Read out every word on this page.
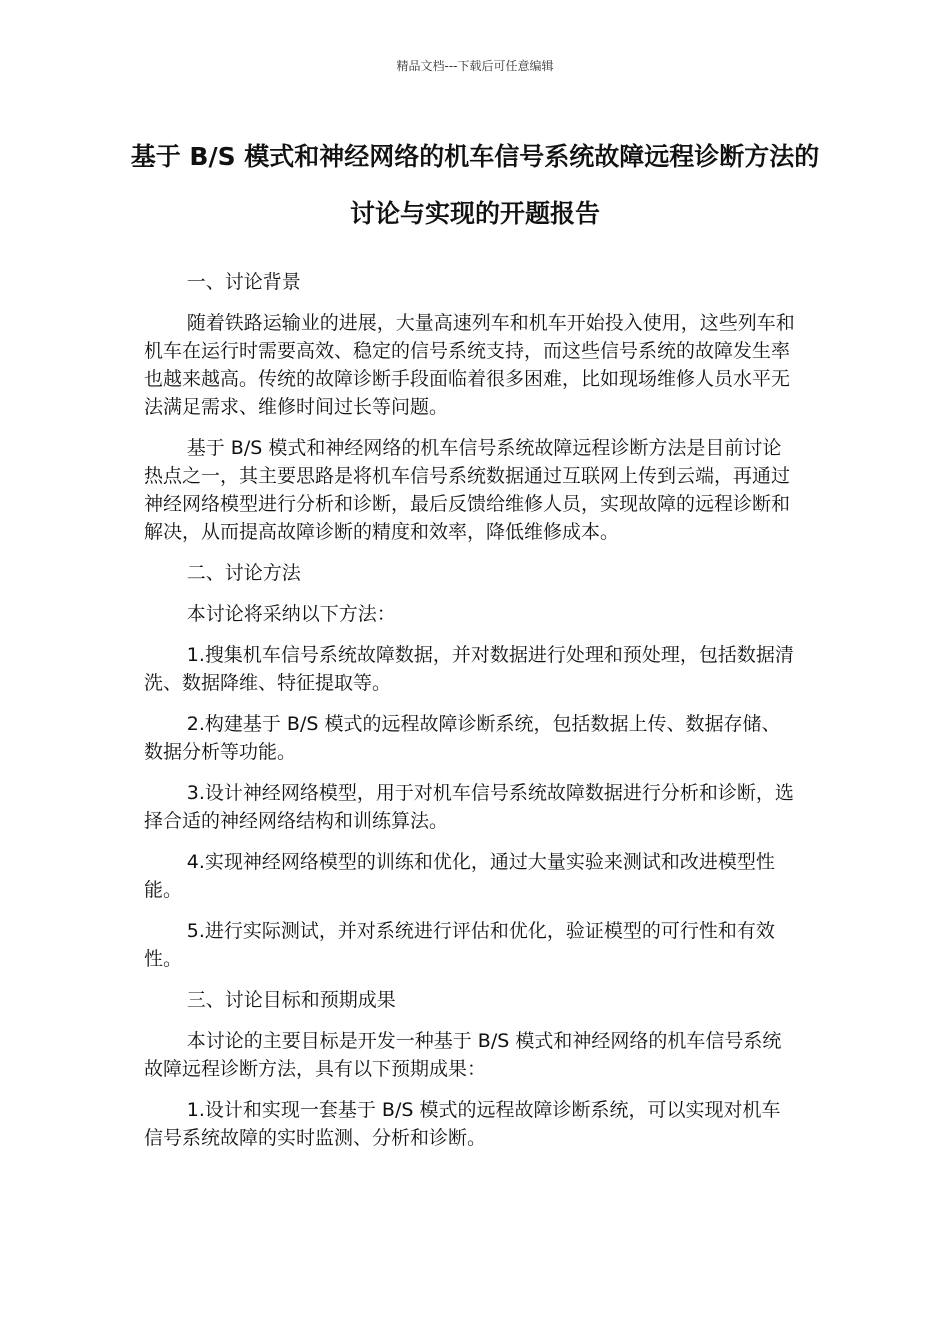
精品文档---下载后可任意编辑
基于 B/S 模式和神经网络的机车信号系统故障远程诊断方法的讨论与实现的开题报告

一、讨论背景

随着铁路运输业的进展，大量高速列车和机车开始投入使用，这些列车和机车在运行时需要高效、稳定的信号系统支持，而这些信号系统的故障发生率也越来越高。传统的故障诊断手段面临着很多困难，比如现场维修人员水平无法满足需求、维修时间过长等问题。

基于 B/S 模式和神经网络的机车信号系统故障远程诊断方法是目前讨论热点之一，其主要思路是将机车信号系统数据通过互联网上传到云端，再通过神经网络模型进行分析和诊断，最后反馈给维修人员，实现故障的远程诊断和解决，从而提高故障诊断的精度和效率，降低维修成本。

二、讨论方法

本讨论将采纳以下方法：

1.搜集机车信号系统故障数据，并对数据进行处理和预处理，包括数据清洗、数据降维、特征提取等。

2.构建基于 B/S 模式的远程故障诊断系统，包括数据上传、数据存储、数据分析等功能。

3.设计神经网络模型，用于对机车信号系统故障数据进行分析和诊断，选择合适的神经网络结构和训练算法。

4.实现神经网络模型的训练和优化，通过大量实验来测试和改进模型性能。

5.进行实际测试，并对系统进行评估和优化，验证模型的可行性和有效性。

三、讨论目标和预期成果

本讨论的主要目标是开发一种基于 B/S 模式和神经网络的机车信号系统故障远程诊断方法，具有以下预期成果：

1.设计和实现一套基于 B/S 模式的远程故障诊断系统，可以实现对机车信号系统故障的实时监测、分析和诊断。
